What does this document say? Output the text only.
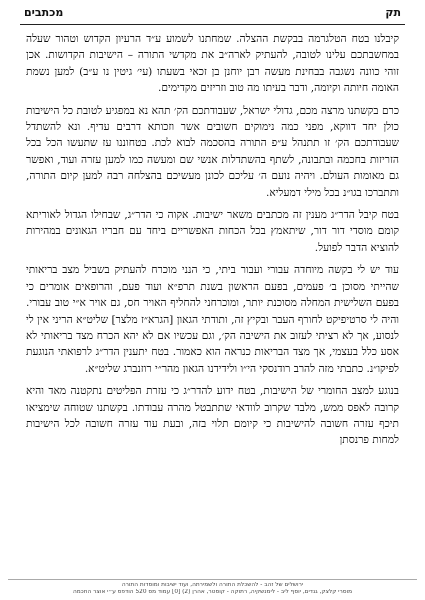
תק
מכתבים

קיבלנו בטח הטלגרמה בבקשת ההצלה. שמחתנו לשמוע ע״ד הרעיון הקדוש וטהור שעלה במחשבתכם עלינו לטובה, להעתיק לארה״ב את מקדשי התורה – הישיבות הקדושות. אכן זוהי כוונה נשגבה בבחינת מעשה רבן יוחנן בן זכאי בשעתו (עי׳ גיטין נו ע״ב) למען נשמת האומה חיותה וקיומה, ודבר בעיתו מה טוב וזריזים מקדימים.

כרם בקשתנו מרצה מכם, גדולי ישראל, שעבודתכם הק׳ תהא נא במפגיע לטובת כל הישיבות כולן יחד דווקא, מפני כמה נימוקים חשובים אשר וזכותא דרבים עדיף. ונא להשתדל שעבודתכם הק׳ זו תתנהל ע״פ התורה בהסכמה לבוא לכת. בטחוננו עז שתעשו הכל בכל הזריזות בחכמה ובתבונה, לשתף בהשתדלות אנשי שם ומעשה כמו למען עזרה ועוד, ואפשר גם מאומות העולם. ויהיה נועם ה׳ עליכם לכונן מעשיכם בהצלחה רבה למען קיום התורה, ותתברכו בגו״נ בכל מילי דמעליא.

בטח קיבל הדר״ג מענין זה מכתבים משאר ישיבות. אקוה כי הדר״ג, שבחילו הגדול לאוריתא קומם מוסדי דור דור, שיתאמץ בכל הכחות האפשריים ביחד עם חבריו הגאונים במהירות להוציא הדבר לפועל.

עוד יש לי בקשה מיוחדה עבורי ועבור ביתי, כי הנני מוכרח להעתיק בשביל מצב בריאותי שהייתי מסוכן ב׳ פעמים, בפעם הראשון בשנת תרפ״א ועוד פעם, והרופאים אומרים כי בפעם השלישית המחלה מסוכנת יותר, ומוכרחני להחליף האויר חס, גם אויר א״י טוב עבורי. והיה לי סרטיפיקט לחורף העבר ובקיץ זה, ותודתי הגאון [הגרא״ז מלצר] שליט״א הריני אין לי לנסוע, אך לא רציתי לעזוב את הישיבה הק׳, וגם עכשיו אם לא יהא הכרח מצד בריאותי לא אסע כלל בעצמי, אך מצד הבריאות כנראה הוא כאמור. בטח יתענין הדר״ג לרפואתי הנוגעת לפיקו״נ. כתבתי מזה להרב רודנסקי הי״ו ולידידנו הגאון מהר״י רוזנברג שליט״א.

בנוגע למצב החומרי של הישיבות, בטח ידוע להדר״ג כי עזרת הפליטים נתקטנה מאד והיא קרובה לאפס ממש, מלבד שקרוב לוודאי שתתבטל מהרה עבודתו. בקשתנו שטוחה שימציאו תיכף עזרה חשובה להישיבות כי קיומם תלוי בזה, ובעת עוד עזרה חשובה לכל הישיבות למחות פרנסתן

ירושלים של זהב - להשכלת התורה ולשמירתה, ועוד ישיבות ומוסדות התורה
מוסרי קלצק, גנדים, יוסף ליב - לימנשקיה, רתוקה - קוסטר, אהרן (2) [0] עמוד מס 520 הודפס ע״י אוצר החכמה
